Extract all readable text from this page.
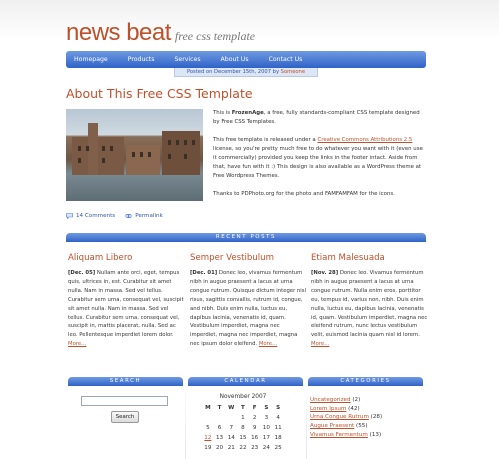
news beat free css template
Homepage	Products	Services	About Us	Contact Us
Posted on December 15th, 2007 by Someone
About This Free CSS Template

This is FrozenAge, a free, fully standards-compliant CSS template designed by Free CSS Templates.

This free template is released under a Creative Commons Attributions 2.5 license, so you're pretty much free to do whatever you want with it (even use it commercially) provided you keep the links in the footer intact. Aside from that, have fun with it :) This design is also available as a WordPress theme at Free Wordpress Themes.

Thanks to PDPhoto.org for the photo and FAMFAMFAM for the icons.

14 Comments	Permalink
RECENT POSTS
Aliquam Libero
[Dec. 05] Nullam ante orci, eget, tempus quis, ultrices in, est. Curabitur sit amet nulla. Nam in massa. Sed vel tellus. Curabitur sem urna, consequat vel, suscipit sit amet nulla. Nam in massa. Sed vel tellus. Curabitur sem urna, consequat vel, suscipit in, mattis placerat, nulla. Sed ac leo. Pellentesque imperdiet lorem dolor. More…
Semper Vestibulum
[Dec. 01] Donec leo, vivamus fermentum nibh in augue praesent a lacus at urna congue rutrum. Quisque dictum integer nisl risus, sagittis convallis, rutrum id, congue, and nibh. Duis enim nulla, luctus eu, dapibus lacinia, venenatis id, quam. Vestibulum imperdiet, magna nec imperdiet, magna nec imperdiet, magna nec ipsum dolor eleifend. More…
Etiam Malesuada
[Nov. 28] Donec leo. Vivamus fermentum nibh in augue praesent a lacus at urna congue rutrum. Nulla enim eros, porttitor eu, tempus id, varius non, nibh. Duis enim nulla, luctus eu, dapibus lacinia, venenatis id, quam. Vestibulum imperdiet, magna nec eleifend rutrum, nunc lectus vestibulum velit, euismod lacinia quam nisl id lorem. More…
SEARCH	CALENDAR	CATEGORIES
Search
November 2007
M	T	W	T	F	S	S
			1	2	3	4
5	6	7	8	9	10	11
12	13	14	15	16	17	18
19	20	21	22	23	24	25
Uncategorized (2)
Lorem Ipsum (42)
Urna Congue Rutrum (28)
Augue Praesent (55)
Vivamus Fermentum (13)
